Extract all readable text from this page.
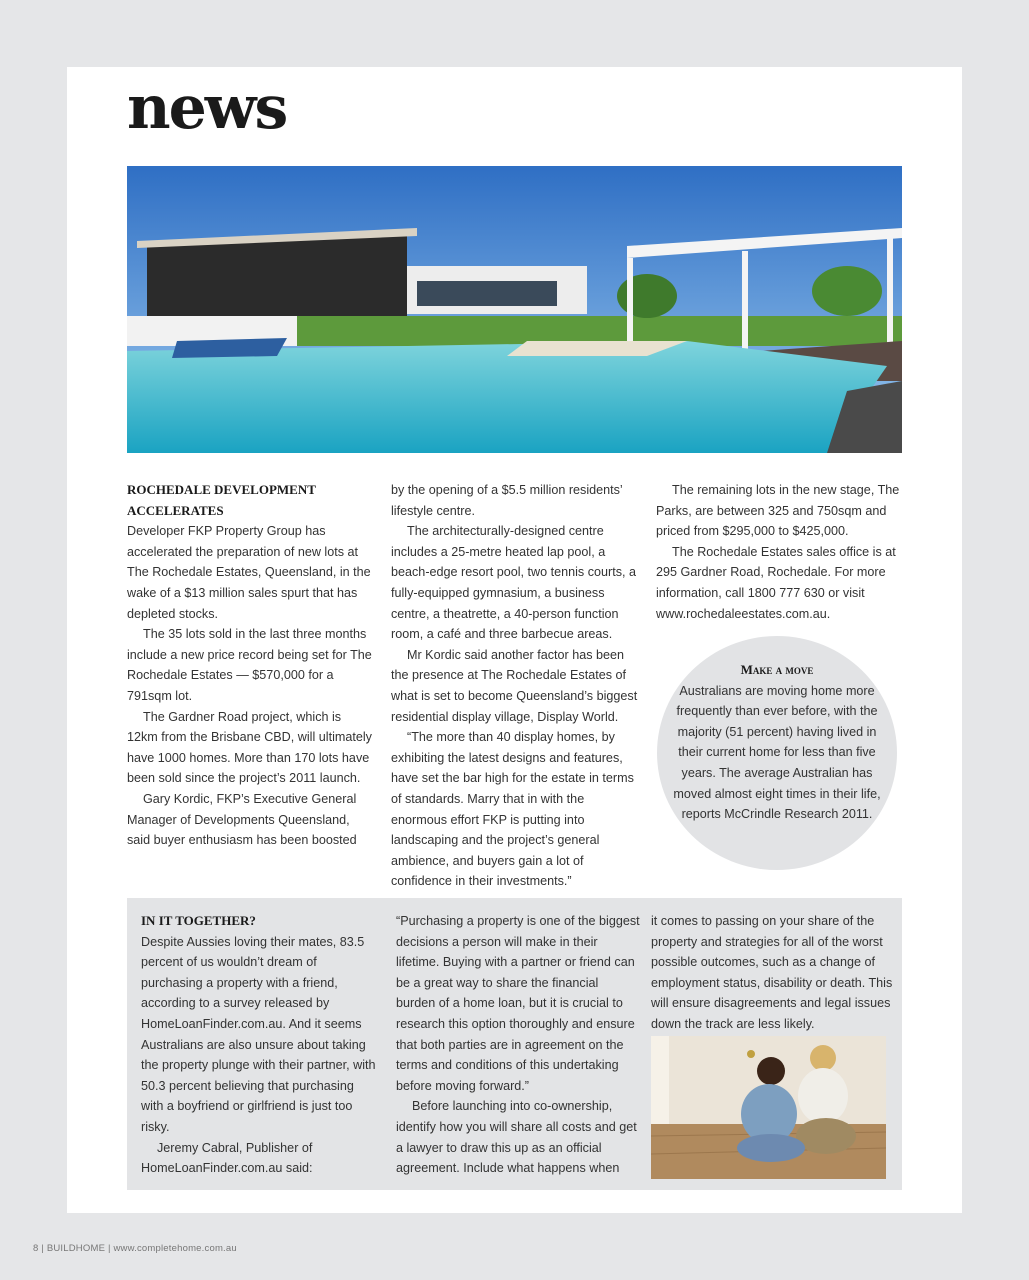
news
ROCHEDALE DEVELOPMENT ACCELERATES

Developer FKP Property Group has accelerated the preparation of new lots at The Rochedale Estates, Queensland, in the wake of a $13 million sales spurt that has depleted stocks.

The 35 lots sold in the last three months include a new price record being set for The Rochedale Estates — $570,000 for a 791sqm lot.

The Gardner Road project, which is 12km from the Brisbane CBD, will ultimately have 1000 homes. More than 170 lots have been sold since the project’s 2011 launch.

Gary Kordic, FKP’s Executive General Manager of Developments Queensland, said buyer enthusiasm has been boosted

by the opening of a $5.5 million residents’ lifestyle centre.

The architecturally-designed centre includes a 25-metre heated lap pool, a beach-edge resort pool, two tennis courts, a fully-equipped gymnasium, a business centre, a theatrette, a 40-person function room, a café and three barbecue areas.

Mr Kordic said another factor has been the presence at The Rochedale Estates of what is set to become Queensland’s biggest residential display village, Display World.

“The more than 40 display homes, by exhibiting the latest designs and features, have set the bar high for the estate in terms of standards. Marry that in with the enormous effort FKP is putting into landscaping and the project’s general ambience, and buyers gain a lot of confidence in their investments.”

The remaining lots in the new stage, The Parks, are between 325 and 750sqm and priced from $295,000 to $425,000.

The Rochedale Estates sales office is at 295 Gardner Road, Rochedale. For more information, call 1800 777 630 or visit www.rochedaleestates.com.au.

Make a move
Australians are moving home more frequently than ever before, with the majority (51 percent) having lived in their current home for less than five years. The average Australian has moved almost eight times in their life, reports McCrindle Research 2011.
IN IT TOGETHER?

Despite Aussies loving their mates, 83.5 percent of us wouldn’t dream of purchasing a property with a friend, according to a survey released by HomeLoanFinder.com.au. And it seems Australians are also unsure about taking the property plunge with their partner, with 50.3 percent believing that purchasing with a boyfriend or girlfriend is just too risky.

Jeremy Cabral, Publisher of HomeLoanFinder.com.au said:

“Purchasing a property is one of the biggest decisions a person will make in their lifetime. Buying with a partner or friend can be a great way to share the financial burden of a home loan, but it is crucial to research this option thoroughly and ensure that both parties are in agreement on the terms and conditions of this undertaking before moving forward.”

Before launching into co-ownership, identify how you will share all costs and get a lawyer to draw this up as an official agreement. Include what happens when

it comes to passing on your share of the property and strategies for all of the worst possible outcomes, such as a change of employment status, disability or death. This will ensure disagreements and legal issues down the track are less likely.

8 | BUILDHOME | www.completehome.com.au
